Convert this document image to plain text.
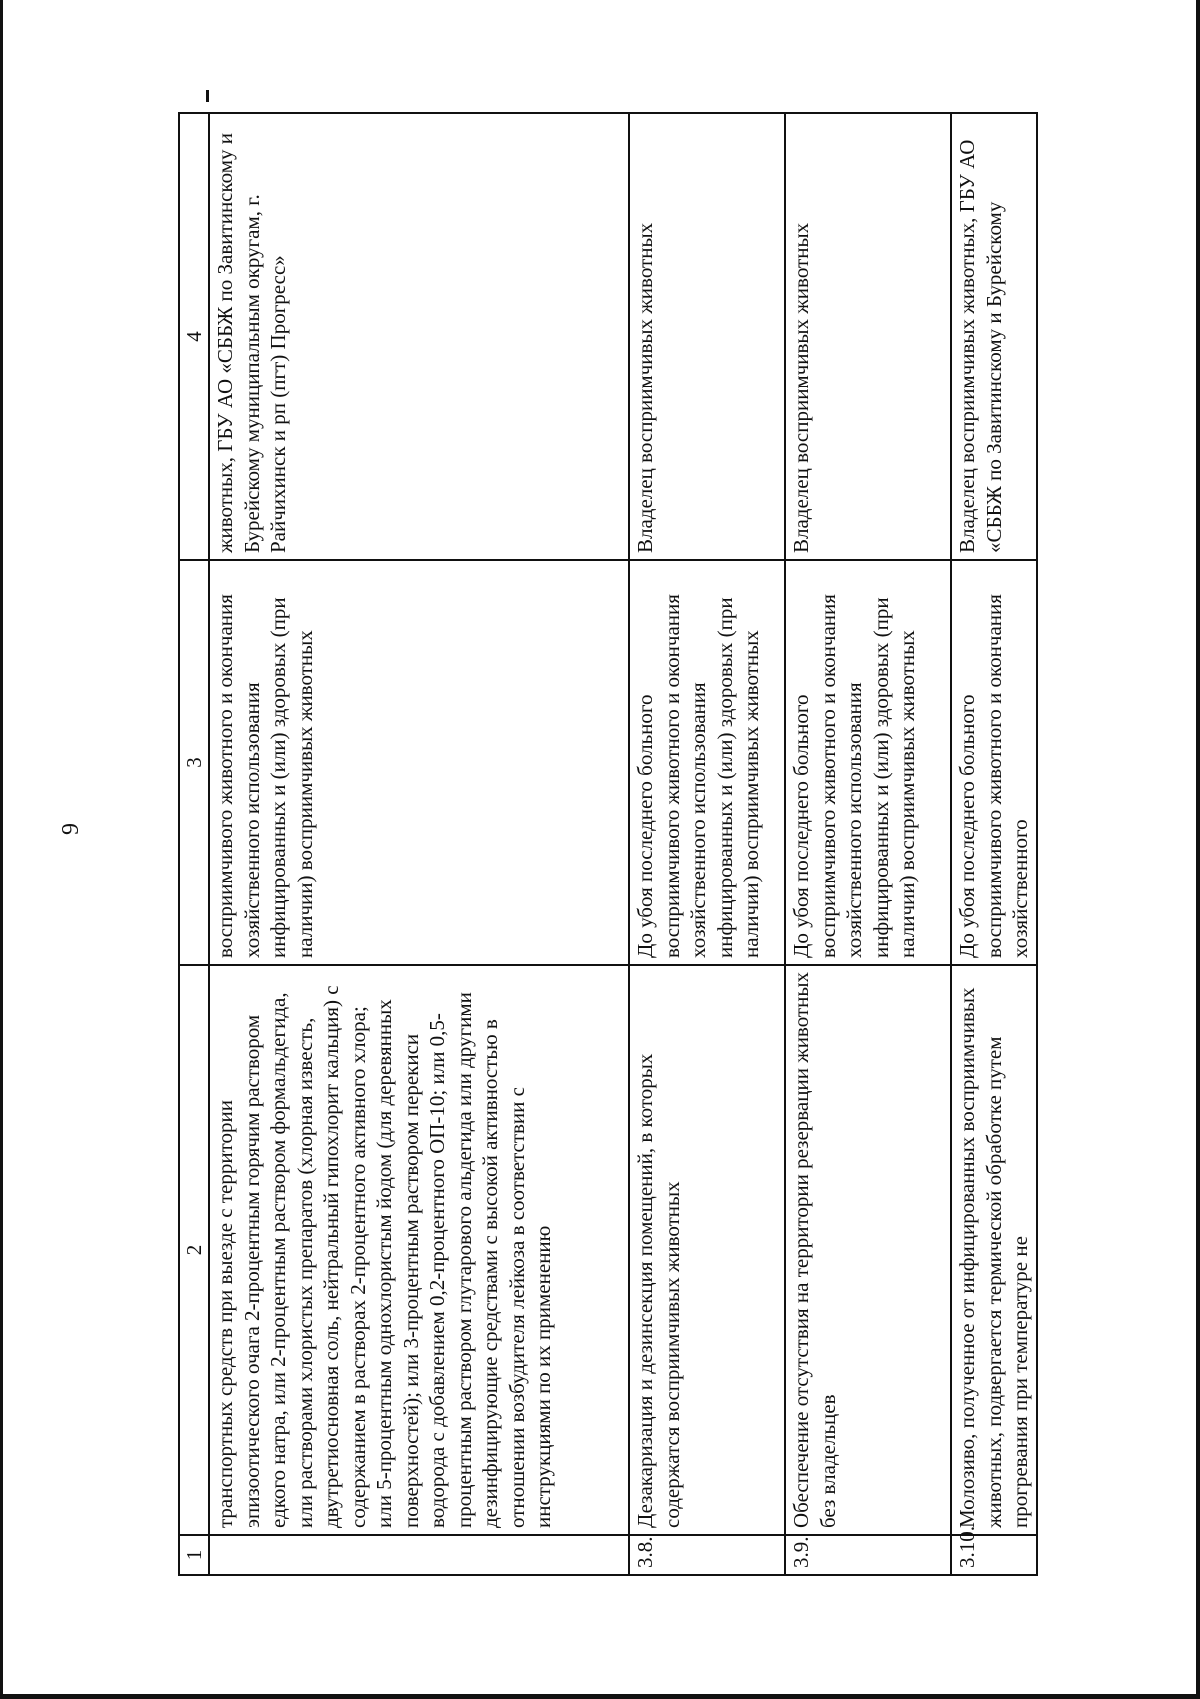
9
1	2	3	4
	транспортных средств при выезде с территории эпизоотического очага 2-процентным горячим раствором едкого натра, или 2-процентным раствором формальдегида, или растворами хлористых препаратов (хлорная известь, двутретиосновная соль, нейтральный гипохлорит кальция) с содержанием в растворах 2-процентного активного хлора; или 5-процентным однохлористым йодом (для деревянных поверхностей); или 3-процентным раствором перекиси водорода с добавлением 0,2-процентного ОП-10; или 0,5-процентным раствором глутарового альдегида или другими дезинфицирующие средствами с высокой активностью в отношении возбудителя лейкоза в соответствии с инструкциями по их применению	восприимчивого животного и окончания хозяйственного использования инфицированных и (или) здоровых (при наличии) восприимчивых животных	животных, ГБУ АО «СББЖ по Завитинскому и Бурейскому муниципальным округам, г. Райчихинск и рп (пгт) Прогресс»
3.8.	Дезакаризация и дезинсекция помещений, в которых содержатся восприимчивых животных	До убоя последнего больного восприимчивого животного и окончания хозяйственного использования инфицированных и (или) здоровых (при наличии) восприимчивых животных	Владелец восприимчивых животных
3.9.	Обеспечение отсутствия на территории резервации животных без владельцев	До убоя последнего больного восприимчивого животного и окончания хозяйственного использования инфицированных и (или) здоровых (при наличии) восприимчивых животных	Владелец восприимчивых животных
3.10.	Молозиво, полученное от инфицированных восприимчивых животных, подвергается термической обработке путем прогревания при температуре не	До убоя последнего больного восприимчивого животного и окончания хозяйственного	Владелец восприимчивых животных, ГБУ АО «СББЖ по Завитинскому и Бурейскому
